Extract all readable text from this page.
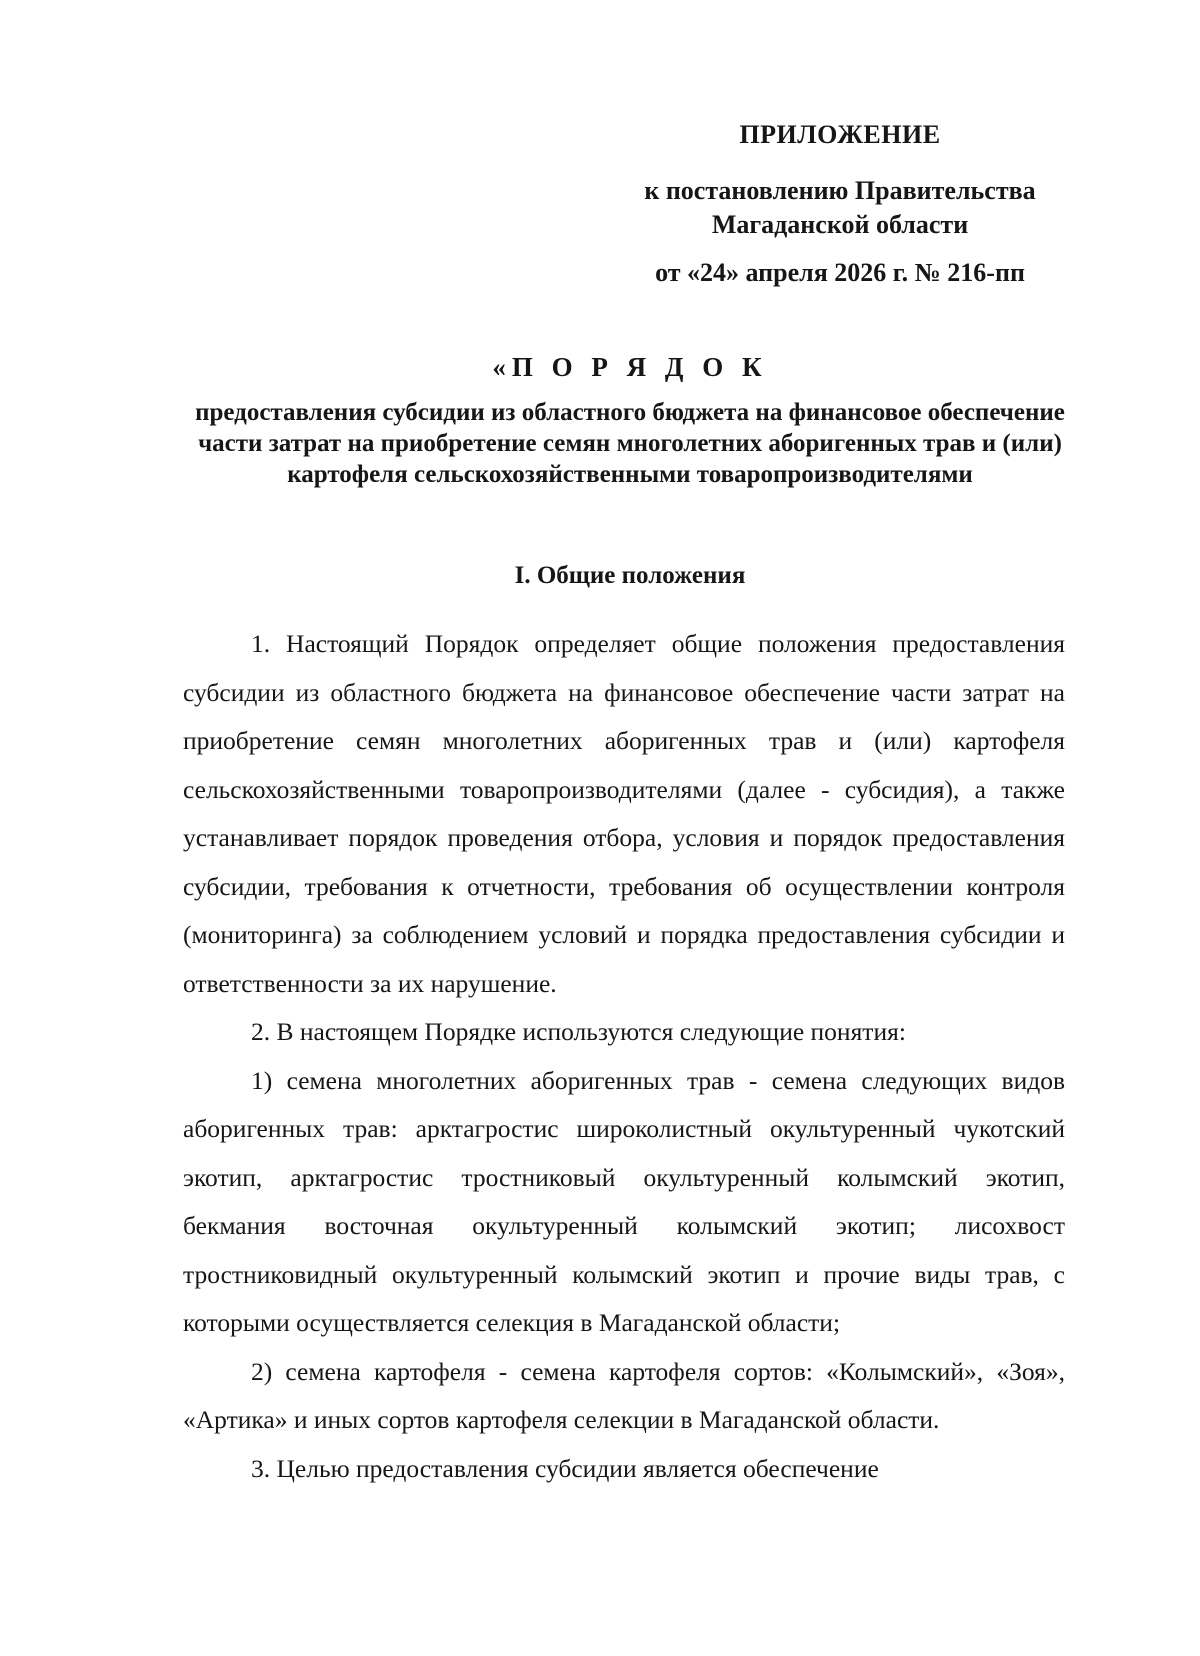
ПРИЛОЖЕНИЕ
к постановлению Правительства
Магаданской области
от «24» апреля 2026 г. № 216-пп
«П О Р Я Д О К
предоставления субсидии из областного бюджета на финансовое обеспечение части затрат на приобретение семян многолетних аборигенных трав и (или) картофеля сельскохозяйственными товаропроизводителями
I. Общие положения

1. Настоящий Порядок определяет общие положения предоставления субсидии из областного бюджета на финансовое обеспечение части затрат на приобретение семян многолетних аборигенных трав и (или) картофеля сельскохозяйственными товаропроизводителями (далее - субсидия), а также устанавливает порядок проведения отбора, условия и порядок предоставления субсидии, требования к отчетности, требования об осуществлении контроля (мониторинга) за соблюдением условий и порядка предоставления субсидии и ответственности за их нарушение.

2. В настоящем Порядке используются следующие понятия:

1) семена многолетних аборигенных трав - семена следующих видов аборигенных трав: арктагростис широколистный окультуренный чукотский экотип, арктагростис тростниковый окультуренный колымский экотип, бекмания восточная окультуренный колымский экотип; лисохвост тростниковидный окультуренный колымский экотип и прочие виды трав, с которыми осуществляется селекция в Магаданской области;

2) семена картофеля - семена картофеля сортов: «Колымский», «Зоя», «Артика» и иных сортов картофеля селекции в Магаданской области.

3. Целью предоставления субсидии является обеспечение
